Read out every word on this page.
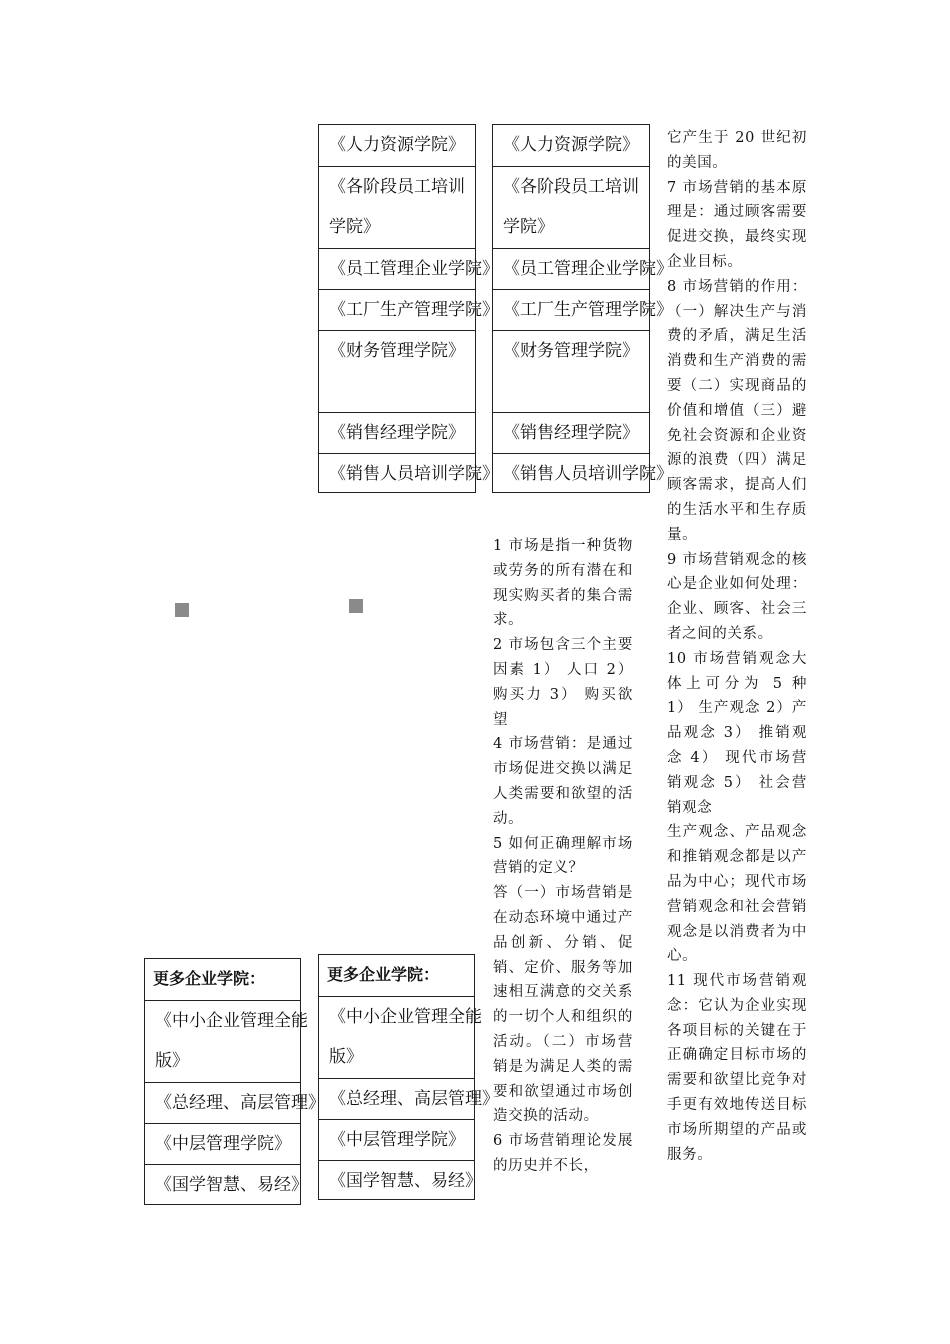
《人力资源学院》
《各阶段员工培训学院》
《员工管理企业学院》
《工厂生产管理学院》
《财务管理学院》
《销售经理学院》
《销售人员培训学院》
《人力资源学院》
《各阶段员工培训学院》
《员工管理企业学院》
《工厂生产管理学院》
《财务管理学院》
《销售经理学院》
《销售人员培训学院》
更多企业学院：
《中小企业管理全能版》
《总经理、高层管理》
《中层管理学院》
《国学智慧、易经》
更多企业学院：
《中小企业管理全能版》
《总经理、高层管理》
《中层管理学院》
《国学智慧、易经》

1 市场是指一种货物或劳务的所有潜在和现实购买者的集合需求。

2 市场包含三个主要因素 1） 人口 2）购买力 3） 购买欲望

4 市场营销：是通过市场促进交换以满足人类需要和欲望的活动。

5 如何正确理解市场营销的定义？

答（一）市场营销是在动态环境中通过产品创新、分销、促销、定价、服务等加速相互满意的交关系的一切个人和组织的活动。（二）市场营销是为满足人类的需要和欲望通过市场创造交换的活动。

6 市场营销理论发展的历史并不长，

它产生于 20 世纪初的美国。

7 市场营销的基本原理是：通过顾客需要促进交换，最终实现企业目标。

8 市场营销的作用：（一）解决生产与消费的矛盾，满足生活消费和生产消费的需要（二）实现商品的价值和增值（三）避免社会资源和企业资源的浪费（四）满足顾客需求，提高人们的生活水平和生存质量。

9 市场营销观念的核心是企业如何处理：企业、顾客、社会三者之间的关系。

10 市场营销观念大体上可分为 5 种 1） 生产观念 2）产品观念 3） 推销观念 4） 现代市场营销观念 5） 社会营销观念

生产观念、产品观念和推销观念都是以产品为中心；现代市场营销观念和社会营销观念是以消费者为中心。

11 现代市场营销观念：它认为企业实现各项目标的关键在于正确确定目标市场的需要和欲望比竞争对手更有效地传送目标市场所期望的产品或服务。
